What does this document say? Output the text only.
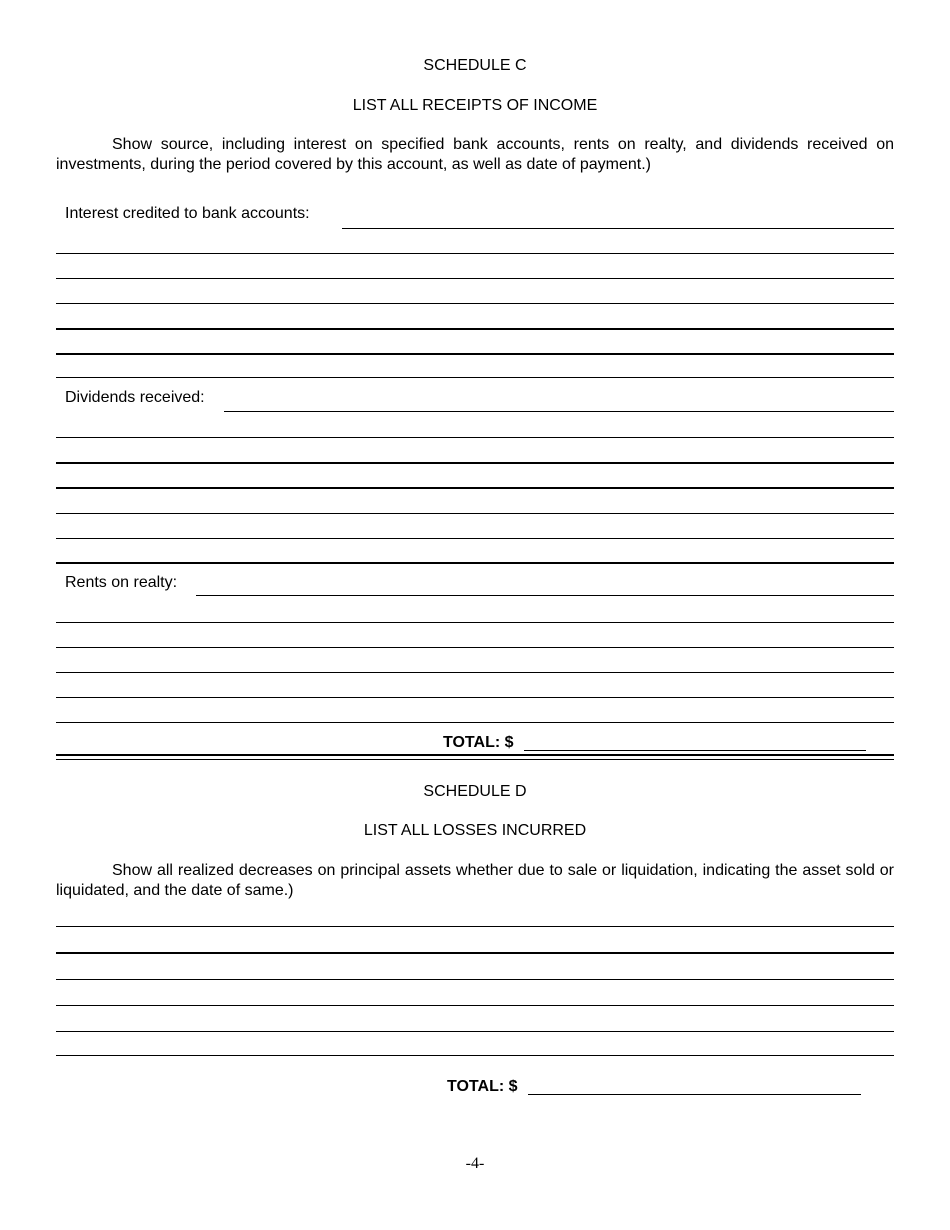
SCHEDULE C
LIST ALL RECEIPTS OF INCOME
Show source, including interest on specified bank accounts, rents on realty, and dividends received on investments, during the period covered by this account, as well as date of payment.)
Interest credited to bank accounts:
Dividends received:
Rents on realty:
TOTAL: $
SCHEDULE D
LIST ALL LOSSES INCURRED
Show all realized decreases on principal assets whether due to sale or liquidation, indicating the asset sold or liquidated, and the date of same.)
TOTAL: $
-4-
